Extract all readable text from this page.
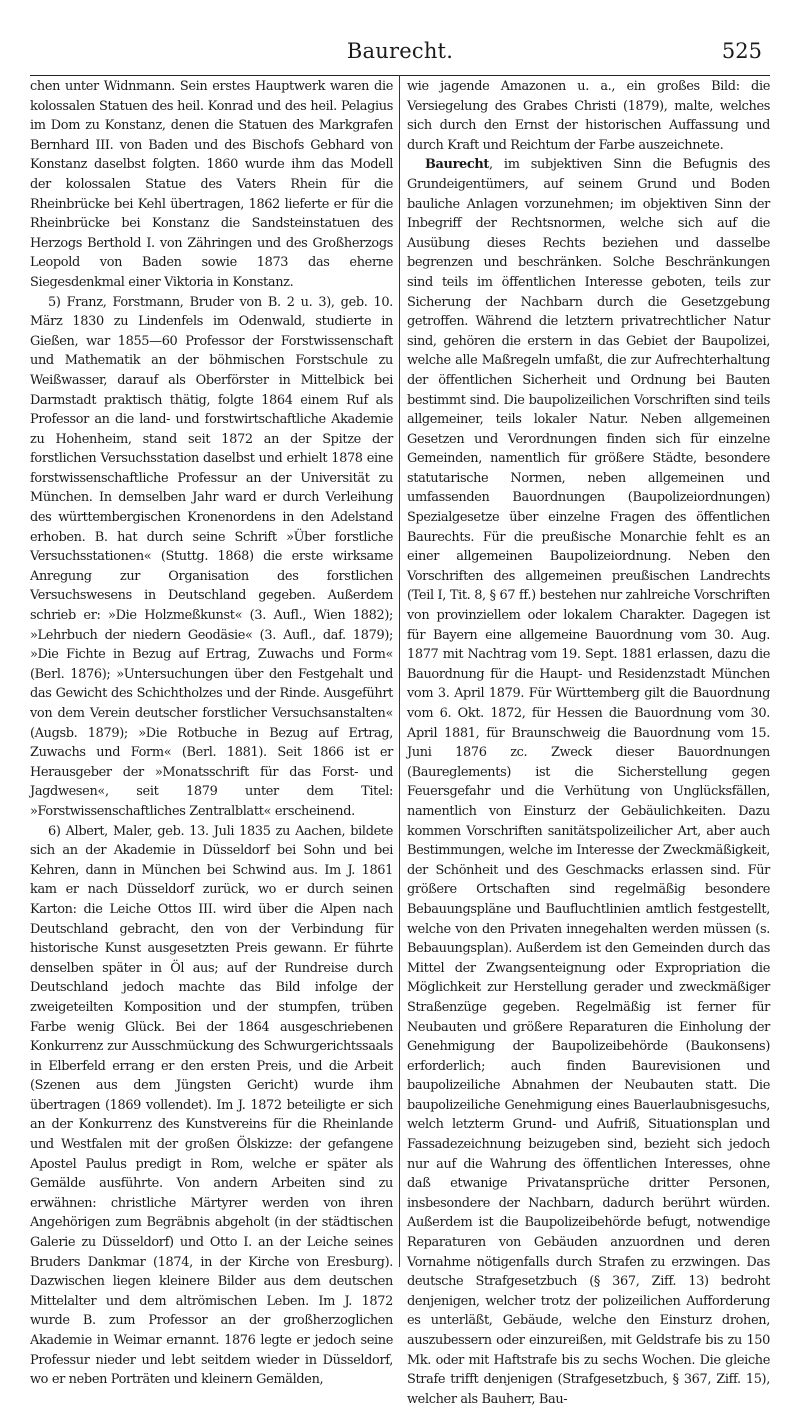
Baurecht.	525

chen unter Widnmann. Sein erstes Hauptwerk waren die kolossalen Statuen des heil. Konrad und des heil. Pelagius im Dom zu Konstanz, denen die Statuen des Markgrafen Bernhard III. von Baden und des Bischofs Gebhard von Konstanz daselbst folgten. 1860 wurde ihm das Modell der kolossalen Statue des Vaters Rhein für die Rheinbrücke bei Kehl übertragen, 1862 lieferte er für die Rheinbrücke bei Konstanz die Sandsteinstatuen des Herzogs Berthold I. von Zähringen und des Großherzogs Leopold von Baden sowie 1873 das eherne Siegesdenkmal einer Viktoria in Konstanz.

5) Franz, Forstmann, Bruder von B. 2 u. 3), geb. 10. März 1830 zu Lindenfels im Odenwald, studierte in Gießen, war 1855—60 Professor der Forstwissenschaft und Mathematik an der böhmischen Forstschule zu Weißwasser, darauf als Oberförster in Mittelbick bei Darmstadt praktisch thätig, folgte 1864 einem Ruf als Professor an die land- und forstwirtschaftliche Akademie zu Hohenheim, stand seit 1872 an der Spitze der forstlichen Versuchsstation daselbst und erhielt 1878 eine forstwissenschaftliche Professur an der Universität zu München. In demselben Jahr ward er durch Verleihung des württembergischen Kronenordens in den Adelstand erhoben. B. hat durch seine Schrift »Über forstliche Versuchsstationen« (Stuttg. 1868) die erste wirksame Anregung zur Organisation des forstlichen Versuchswesens in Deutschland gegeben. Außerdem schrieb er: »Die Holzmeßkunst« (3. Aufl., Wien 1882); »Lehrbuch der niedern Geodäsie« (3. Aufl., daf. 1879); »Die Fichte in Bezug auf Ertrag, Zuwachs und Form« (Berl. 1876); »Untersuchungen über den Festgehalt und das Gewicht des Schichtholzes und der Rinde. Ausgeführt von dem Verein deutscher forstlicher Versuchsanstalten« (Augsb. 1879); »Die Rotbuche in Bezug auf Ertrag, Zuwachs und Form« (Berl. 1881). Seit 1866 ist er Herausgeber der »Monatsschrift für das Forst- und Jagdwesen«, seit 1879 unter dem Titel: »Forstwissenschaftliches Zentralblatt« erscheinend.

6) Albert, Maler, geb. 13. Juli 1835 zu Aachen, bildete sich an der Akademie in Düsseldorf bei Sohn und bei Kehren, dann in München bei Schwind aus. Im J. 1861 kam er nach Düsseldorf zurück, wo er durch seinen Karton: die Leiche Ottos III. wird über die Alpen nach Deutschland gebracht, den von der Verbindung für historische Kunst ausgesetzten Preis gewann. Er führte denselben später in Öl aus; auf der Rundreise durch Deutschland jedoch machte das Bild infolge der zweigeteilten Komposition und der stumpfen, trüben Farbe wenig Glück. Bei der 1864 ausgeschriebenen Konkurrenz zur Ausschmückung des Schwurgerichtssaals in Elberfeld errang er den ersten Preis, und die Arbeit (Szenen aus dem Jüngsten Gericht) wurde ihm übertragen (1869 vollendet). Im J. 1872 beteiligte er sich an der Konkurrenz des Kunstvereins für die Rheinlande und Westfalen mit der großen Ölskizze: der gefangene Apostel Paulus predigt in Rom, welche er später als Gemälde ausführte. Von andern Arbeiten sind zu erwähnen: christliche Märtyrer werden von ihren Angehörigen zum Begräbnis abgeholt (in der städtischen Galerie zu Düsseldorf) und Otto I. an der Leiche seines Bruders Dankmar (1874, in der Kirche von Eresburg). Dazwischen liegen kleinere Bilder aus dem deutschen Mittelalter und dem altrömischen Leben. Im J. 1872 wurde B. zum Professor an der großherzoglichen Akademie in Weimar ernannt. 1876 legte er jedoch seine Professur nieder und lebt seitdem wieder in Düsseldorf, wo er neben Porträten und kleinern Gemälden,

wie jagende Amazonen u. a., ein großes Bild: die Versiegelung des Grabes Christi (1879), malte, welches sich durch den Ernst der historischen Auffassung und durch Kraft und Reichtum der Farbe auszeichnete.

Baurecht, im subjektiven Sinn die Befugnis des Grundeigentümers, auf seinem Grund und Boden bauliche Anlagen vorzunehmen; im objektiven Sinn der Inbegriff der Rechtsnormen, welche sich auf die Ausübung dieses Rechts beziehen und dasselbe begrenzen und beschränken. Solche Beschränkungen sind teils im öffentlichen Interesse geboten, teils zur Sicherung der Nachbarn durch die Gesetzgebung getroffen. Während die letztern privatrechtlicher Natur sind, gehören die erstern in das Gebiet der Baupolizei, welche alle Maßregeln umfaßt, die zur Aufrechterhaltung der öffentlichen Sicherheit und Ordnung bei Bauten bestimmt sind. Die baupolizeilichen Vorschriften sind teils allgemeiner, teils lokaler Natur. Neben allgemeinen Gesetzen und Verordnungen finden sich für einzelne Gemeinden, namentlich für größere Städte, besondere statutarische Normen, neben allgemeinen und umfassenden Bauordnungen (Baupolizeiordnungen) Spezialgesetze über einzelne Fragen des öffentlichen Baurechts. Für die preußische Monarchie fehlt es an einer allgemeinen Baupolizeiordnung. Neben den Vorschriften des allgemeinen preußischen Landrechts (Teil I, Tit. 8, § 67 ff.) bestehen nur zahlreiche Vorschriften von provinziellem oder lokalem Charakter. Dagegen ist für Bayern eine allgemeine Bauordnung vom 30. Aug. 1877 mit Nachtrag vom 19. Sept. 1881 erlassen, dazu die Bauordnung für die Haupt- und Residenzstadt München vom 3. April 1879. Für Württemberg gilt die Bauordnung vom 6. Okt. 1872, für Hessen die Bauordnung vom 30. April 1881, für Braunschweig die Bauordnung vom 15. Juni 1876 zc. Zweck dieser Bauordnungen (Baureglements) ist die Sicherstellung gegen Feuersgefahr und die Verhütung von Unglücksfällen, namentlich von Einsturz der Gebäulichkeiten. Dazu kommen Vorschriften sanitätspolizeilicher Art, aber auch Bestimmungen, welche im Interesse der Zweckmäßigkeit, der Schönheit und des Geschmacks erlassen sind. Für größere Ortschaften sind regelmäßig besondere Bebauungspläne und Baufluchtlinien amtlich festgestellt, welche von den Privaten innegehalten werden müssen (s. Bebauungsplan). Außerdem ist den Gemeinden durch das Mittel der Zwangsenteignung oder Expropriation die Möglichkeit zur Herstellung gerader und zweckmäßiger Straßenzüge gegeben. Regelmäßig ist ferner für Neubauten und größere Reparaturen die Einholung der Genehmigung der Baupolizeibehörde (Baukonsens) erforderlich; auch finden Baurevisionen und baupolizeiliche Abnahmen der Neubauten statt. Die baupolizeiliche Genehmigung eines Bauerlaubnisgesuchs, welch letzterm Grund- und Aufriß, Situationsplan und Fassadezeichnung beizugeben sind, bezieht sich jedoch nur auf die Wahrung des öffentlichen Interesses, ohne daß etwanige Privatansprüche dritter Personen, insbesondere der Nachbarn, dadurch berührt würden. Außerdem ist die Baupolizeibehörde befugt, notwendige Reparaturen von Gebäuden anzuordnen und deren Vornahme nötigenfalls durch Strafen zu erzwingen. Das deutsche Strafgesetzbuch (§ 367, Ziff. 13) bedroht denjenigen, welcher trotz der polizeilichen Aufforderung es unterläßt, Gebäude, welche den Einsturz drohen, auszubessern oder einzureißen, mit Geldstrafe bis zu 150 Mk. oder mit Haftstrafe bis zu sechs Wochen. Die gleiche Strafe trifft denjenigen (Strafgesetzbuch, § 367, Ziff. 15), welcher als Bauherr, Bau-
